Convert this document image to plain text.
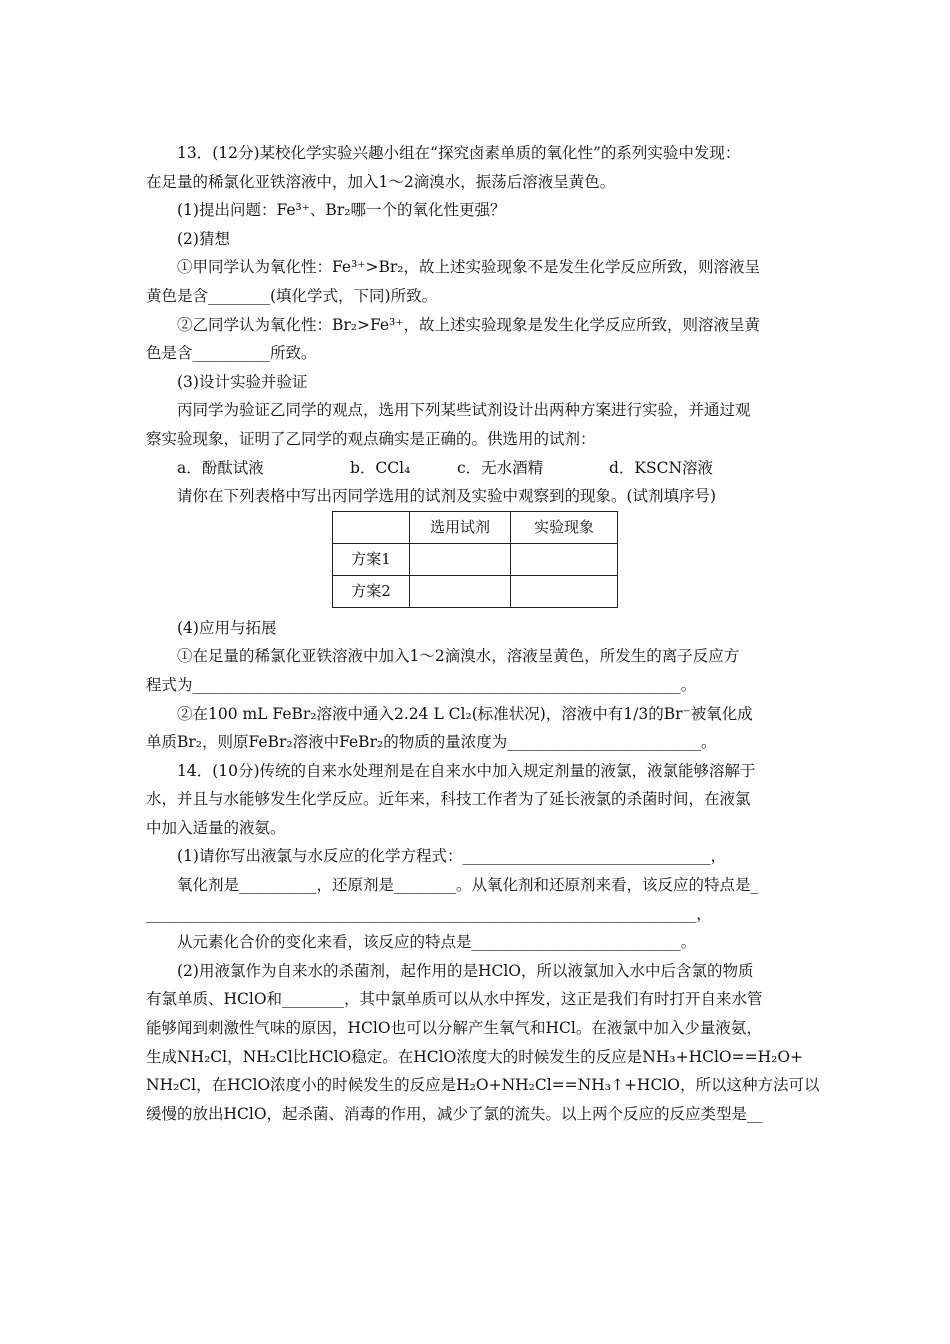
13．(12分)某校化学实验兴趣小组在“探究卤素单质的氧化性”的系列实验中发现：
在足量的稀氯化亚铁溶液中，加入1～2滴溴水，振荡后溶液呈黄色。
(1)提出问题：Fe³⁺、Br₂哪一个的氧化性更强？
(2)猜想
①甲同学认为氧化性：Fe³⁺>Br₂，故上述实验现象不是发生化学反应所致，则溶液呈
黄色是含________(填化学式，下同)所致。
②乙同学认为氧化性：Br₂>Fe³⁺，故上述实验现象是发生化学反应所致，则溶液呈黄
色是含__________所致。
(3)设计实验并验证
丙同学为验证乙同学的观点，选用下列某些试剂设计出两种方案进行实验，并通过观
察实验现象，证明了乙同学的观点确实是正确的。供选用的试剂：
a．酚酞试液	b．CCl₄	c．无水酒精	d．KSCN溶液
请你在下列表格中写出丙同学选用的试剂及实验中观察到的现象。(试剂填序号)
	选用试剂	实验现象
方案1		
方案2		
(4)应用与拓展
①在足量的稀氯化亚铁溶液中加入1～2滴溴水，溶液呈黄色，所发生的离子反应方
程式为_______________________________________________________________。
②在100 mL FeBr₂溶液中通入2.24 L Cl₂(标准状况)，溶液中有1/3的Br⁻被氧化成
单质Br₂，则原FeBr₂溶液中FeBr₂的物质的量浓度为_________________________。
14．(10分)传统的自来水处理剂是在自来水中加入规定剂量的液氯，液氯能够溶解于
水，并且与水能够发生化学反应。近年来，科技工作者为了延长液氯的杀菌时间，在液氯
中加入适量的液氨。
(1)请你写出液氯与水反应的化学方程式：________________________________，
氧化剂是__________，还原剂是________。从氧化剂和还原剂来看，该反应的特点是_
_______________________________________________________________________，
从元素化合价的变化来看，该反应的特点是___________________________。
(2)用液氯作为自来水的杀菌剂，起作用的是HClO，所以液氯加入水中后含氯的物质
有氯单质、HClO和________，其中氯单质可以从水中挥发，这正是我们有时打开自来水管
能够闻到刺激性气味的原因，HClO也可以分解产生氧气和HCl。在液氯中加入少量液氨，
生成NH₂Cl，NH₂Cl比HClO稳定。在HClO浓度大的时候发生的反应是NH₃+HClO==H₂O+
NH₂Cl，在HClO浓度小的时候发生的反应是H₂O+NH₂Cl==NH₃↑+HClO，所以这种方法可以
缓慢的放出HClO，起杀菌、消毒的作用，减少了氯的流失。以上两个反应的反应类型是__
